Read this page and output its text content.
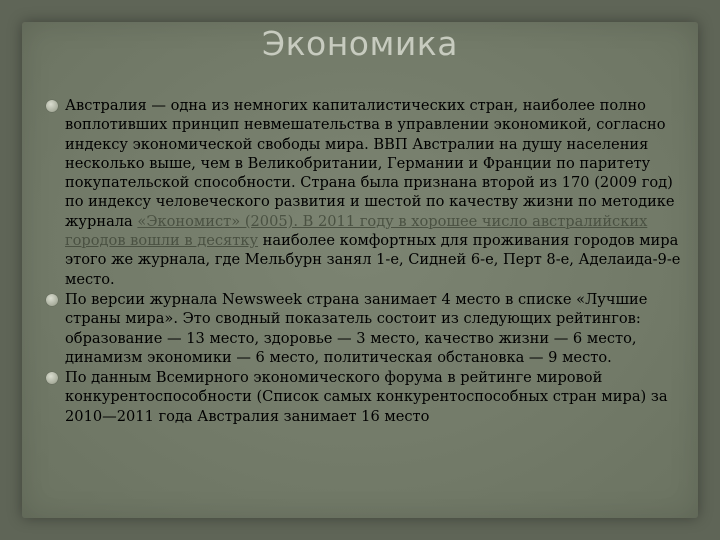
Экономика
Австралия — одна из немногих капиталистических стран, наиболее полно воплотивших принцип невмешательства в управлении экономикой, согласно индексу экономической свободы мира. ВВП Австралии на душу населения несколько выше, чем в Великобритании, Германии и Франции по паритету покупательской способности. Страна была признана второй из 170 (2009 год) по индексу человеческого развития и шестой по качеству жизни по методике журнала «Экономист» (2005). В 2011 году в хорошее число австралийских городов вошли в десятку наиболее комфортных для проживания городов мира этого же журнала, где Мельбурн занял 1-е, Сидней 6-е, Перт 8-е, Аделаида-9-е место.
По версии журнала Newsweek страна занимает 4 место в списке «Лучшие страны мира». Это сводный показатель состоит из следующих рейтингов: образование — 13 место, здоровье — 3 место, качество жизни — 6 место, динамизм экономики — 6 место, политическая обстановка — 9 место.
По данным Всемирного экономического форума в рейтинге мировой конкурентоспособности (Список самых конкурентоспособных стран мира) за 2010—2011 года Австралия занимает 16 место
